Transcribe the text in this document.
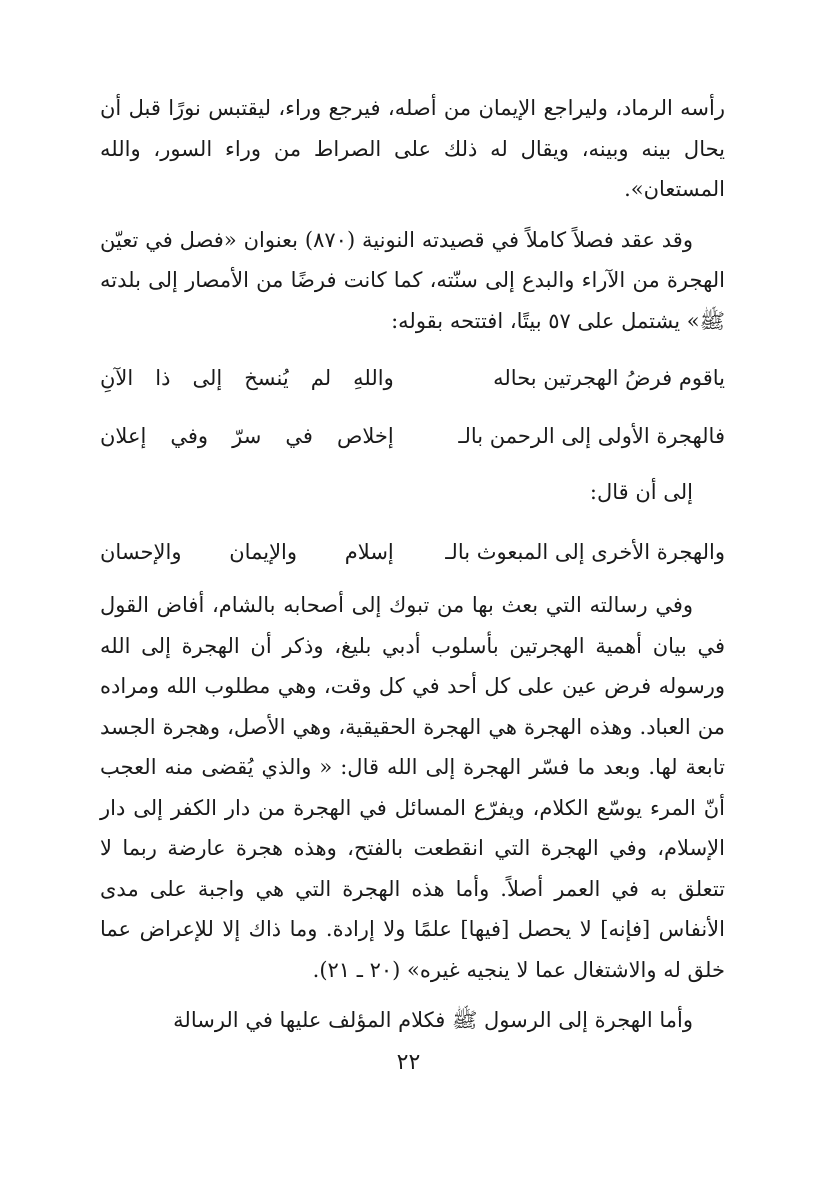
رأسه الرماد، وليراجع الإيمان من أصله، فيرجع وراء، ليقتبس نورًا قبل أن يحال بينه وبينه، ويقال له ذلك على الصراط من وراء السور، والله المستعان».

وقد عقد فصلاً كاملاً في قصيدته النونية (٨٧٠) بعنوان «فصل في تعيّن الهجرة من الآراء والبدع إلى سنّته، كما كانت فرضًا من الأمصار إلى بلدته ﷺ» يشتمل على ٥٧ بيتًا، افتتحه بقوله:

ياقوم فرضُ الهجرتين بحاله
واللهِ لم يُنسخ إلى ذا الآنِ
فالهجرة الأولى إلى الرحمن بالـ
إخلاص في سرّ وفي إعلان

إلى أن قال:

والهجرة الأخرى إلى المبعوث بالـ
إسلام والإيمان والإحسان

وفي رسالته التي بعث بها من تبوك إلى أصحابه بالشام، أفاض القول في بيان أهمية الهجرتين بأسلوب أدبي بليغ، وذكر أن الهجرة إلى الله ورسوله فرض عين على كل أحد في كل وقت، وهي مطلوب الله ومراده من العباد. وهذه الهجرة هي الهجرة الحقيقية، وهي الأصل، وهجرة الجسد تابعة لها. وبعد ما فسّر الهجرة إلى الله قال: « والذي يُقضى منه العجب أنّ المرء يوسّع الكلام، ويفرّع المسائل في الهجرة من دار الكفر إلى دار الإسلام، وفي الهجرة التي انقطعت بالفتح، وهذه هجرة عارضة ربما لا تتعلق به في العمر أصلاً. وأما هذه الهجرة التي هي واجبة على مدى الأنفاس [فإنه] لا يحصل [فيها] علمًا ولا إرادة. وما ذاك إلا للإعراض عما خلق له والاشتغال عما لا ينجيه غيره» (٢٠ ـ ٢١).

وأما الهجرة إلى الرسول ﷺ فكلام المؤلف عليها في الرسالة

٢٢
